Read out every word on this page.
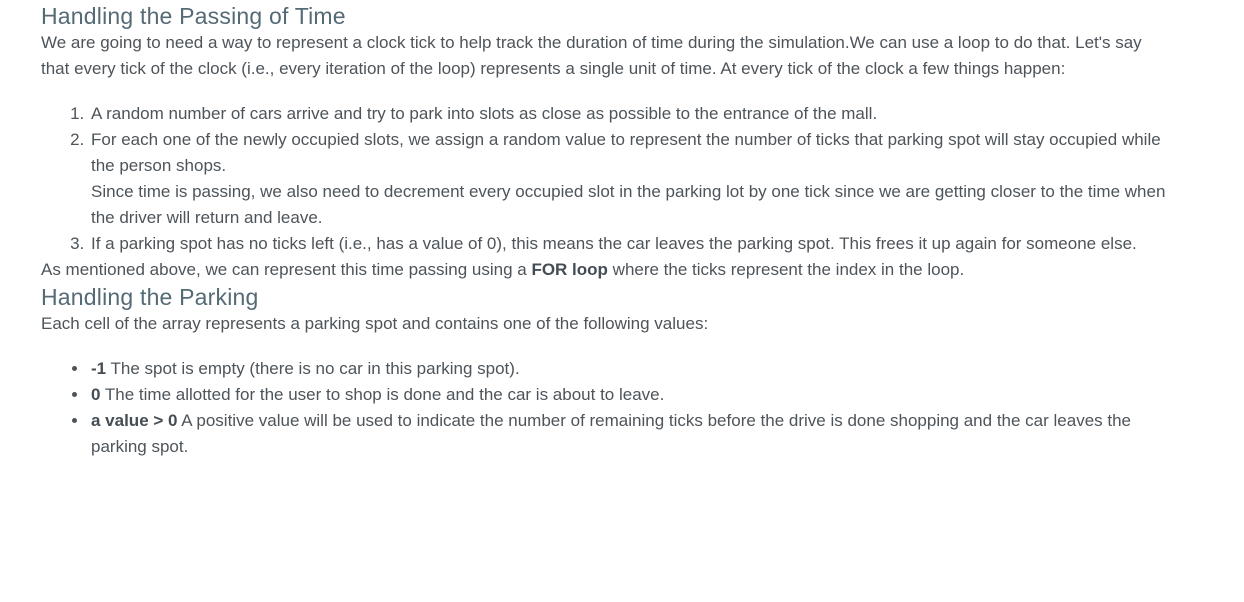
Handling the Passing of Time

We are going to need a way to represent a clock tick to help track the duration of time during the simulation.We can use a loop to do that. Let's say that every tick of the clock (i.e., every iteration of the loop) represents a single unit of time. At every tick of the clock a few things happen:

1. A random number of cars arrive and try to park into slots as close as possible to the entrance of the mall.
2. For each one of the newly occupied slots, we assign a random value to represent the number of ticks that parking spot will stay occupied while the person shops.
Since time is passing, we also need to decrement every occupied slot in the parking lot by one tick since we are getting closer to the time when the driver will return and leave.
3. If a parking spot has no ticks left (i.e., has a value of 0), this means the car leaves the parking spot. This frees it up again for someone else.

As mentioned above, we can represent this time passing using a FOR loop where the ticks represent the index in the loop.

Handling the Parking

Each cell of the array represents a parking spot and contains one of the following values:

• -1 The spot is empty (there is no car in this parking spot).
• 0 The time allotted for the user to shop is done and the car is about to leave.
• a value > 0 A positive value will be used to indicate the number of remaining ticks before the drive is done shopping and the car leaves the parking spot.
